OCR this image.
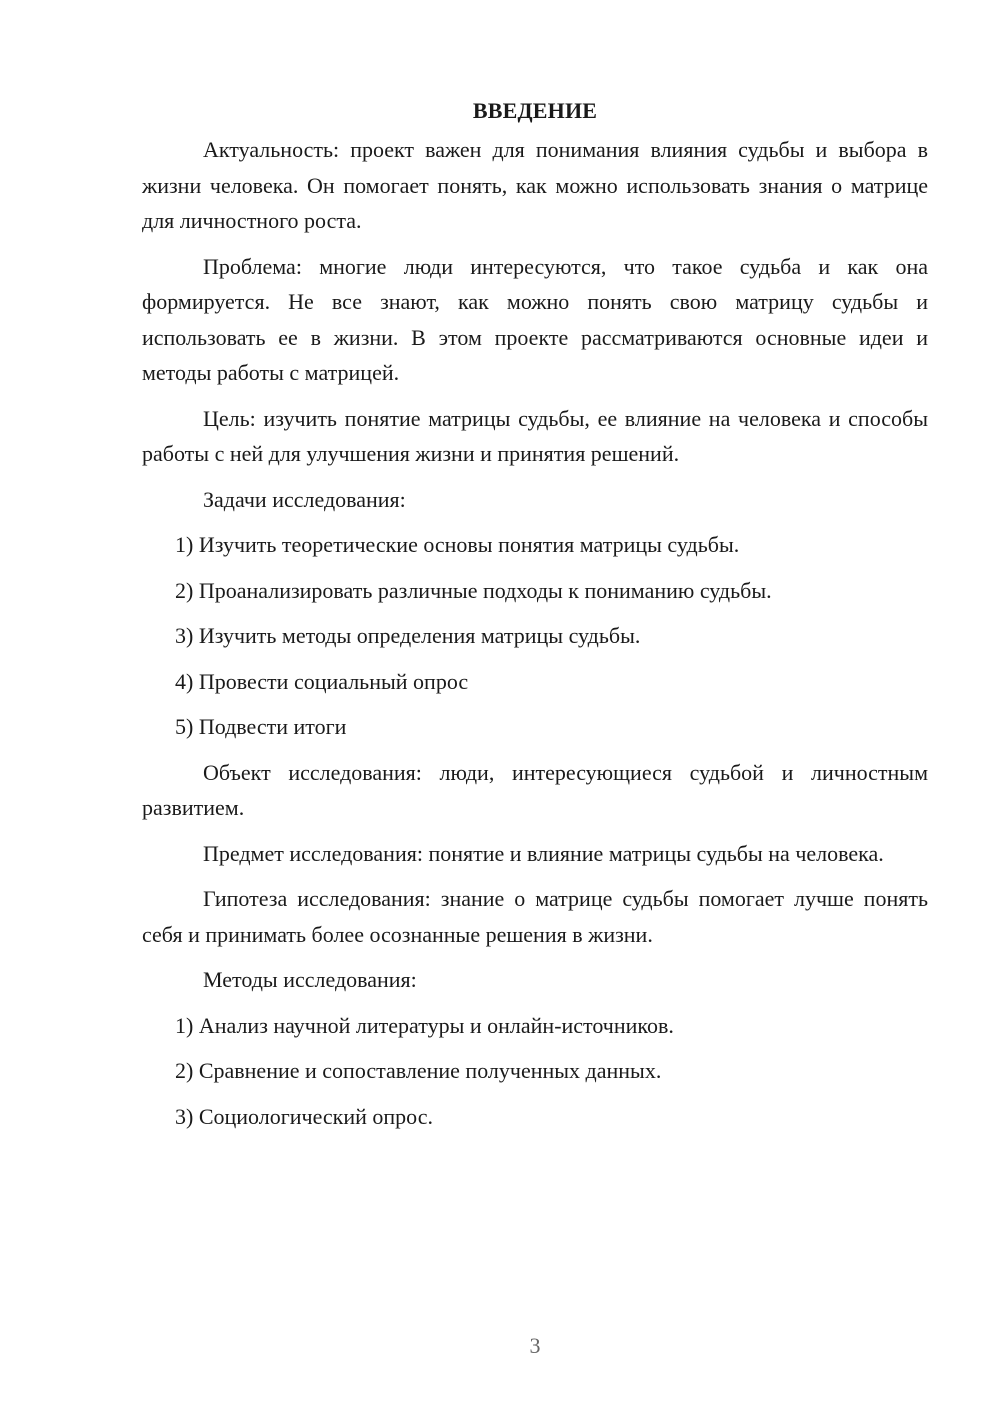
ВВЕДЕНИЕ

Актуальность: проект важен для понимания влияния судьбы и выбора в жизни человека. Он помогает понять, как можно использовать знания о матрице для личностного роста.

Проблема: многие люди интересуются, что такое судьба и как она формируется. Не все знают, как можно понять свою матрицу судьбы и использовать ее в жизни. В этом проекте рассматриваются основные идеи и методы работы с матрицей.

Цель: изучить понятие матрицы судьбы, ее влияние на человека и способы работы с ней для улучшения жизни и принятия решений.

Задачи исследования:

1) Изучить теоретические основы понятия матрицы судьбы.
2) Проанализировать различные подходы к пониманию судьбы.
3) Изучить методы определения матрицы судьбы.
4) Провести социальный опрос
5) Подвести итоги

Объект исследования: люди, интересующиеся судьбой и личностным развитием.

Предмет исследования: понятие и влияние матрицы судьбы на человека.

Гипотеза исследования: знание о матрице судьбы помогает лучше понять себя и принимать более осознанные решения в жизни.

Методы исследования:

1) Анализ научной литературы и онлайн-источников.
2) Сравнение и сопоставление полученных данных.
3) Социологический опрос.
3
